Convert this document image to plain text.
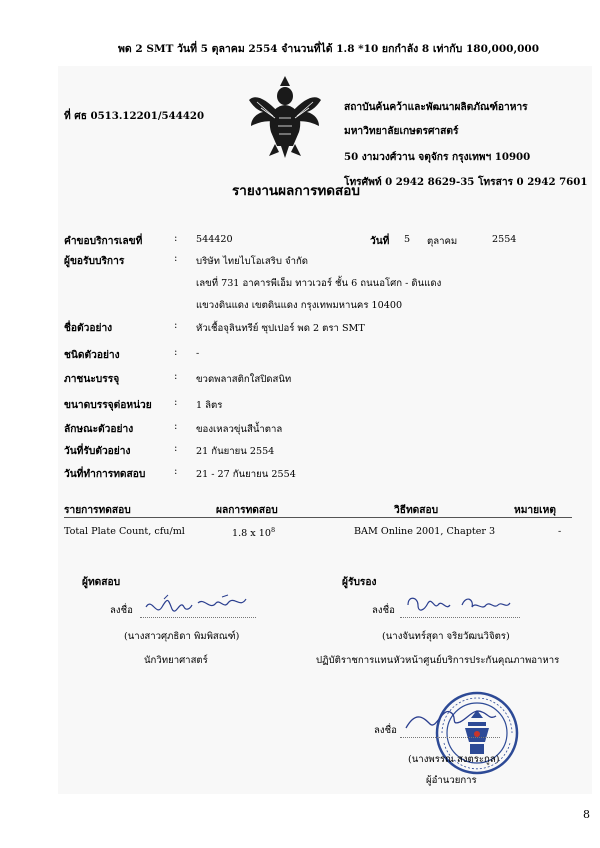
พด 2 SMT วันที่ 5 ตุลาคม 2554 จำนวนที่ได้ 1.8 *10 ยกกำลัง 8 เท่ากับ 180,000,000
ที่ ศธ 0513.12201/544420
สถาบันค้นคว้าและพัฒนาผลิตภัณฑ์อาหาร
มหาวิทยาลัยเกษตรศาสตร์
50 งามวงศ์วาน จตุจักร กรุงเทพฯ 10900
โทรศัพท์ 0 2942 8629-35 โทรสาร 0 2942 7601
รายงานผลการทดสอบ
คำขอบริการเลขที่	: 544420	วันที่ 5 ตุลาคม	2554
ผู้ขอรับบริการ	: บริษัท ไทยไบโอเสริบ จำกัด
เลขที่ 731 อาคารพีเอ็ม ทาวเวอร์ ชั้น 6 ถนนอโศก - ดินแดง
แขวงดินแดง เขตดินแดง กรุงเทพมหานคร 10400
ชื่อตัวอย่าง	: หัวเชื้อจุลินทรีย์ ซุปเปอร์ พด 2 ตรา SMT
ชนิดตัวอย่าง	: -
ภาชนะบรรจุ	: ขวดพลาสติกใสปิดสนิท
ขนาดบรรจุต่อหน่วย : 1 ลิตร
ลักษณะตัวอย่าง	: ของเหลวขุ่นสีน้ำตาล
วันที่รับตัวอย่าง	: 21 กันยายน 2554
วันที่ทำการทดสอบ	: 21 - 27 กันยายน 2554
รายการทดสอบ	ผลการทดสอบ	วิธีทดสอบ	หมายเหตุ
Total Plate Count, cfu/ml	1.8 x $10^8$	BAM Online 2001, Chapter 3	-
ผู้ทดสอบ	ผู้รับรอง
ลงชื่อ	ลงชื่อ
(นางสาวศุภธิดา พิมพิสณฑ์)	(นางจันทร์สุดา จริยวัฒนวิจิตร)
นักวิทยาศาสตร์	ปฏิบัติราชการแทนหัวหน้าศูนย์บริการประกันคุณภาพอาหาร
ลงชื่อ
(นางพรรณ สงตระกูล)
ผู้อำนวยการ
8
